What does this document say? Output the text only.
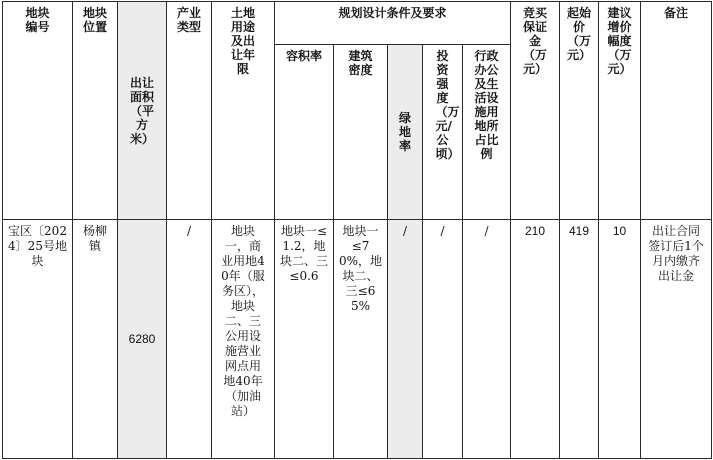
地块编号	地块位置	出让面积（平方米）	产业类型	土地用途及出让年限	规划设计条件及要求					竞买保证金（万元）	起始价（万元）	建议增价幅度（万元）	备注
					容积率	建筑密度	绿地率	投资强度（万元/公顷）	行政办公及生活设施用地所占比例				

宝区〔2024〕25号地块	杨柳镇	6280	/	地块一，商业用地40年（服务区），地块二、三公用设施营业网点用地40年（加油站）	地块一≤1.2，地块二、三≤0.6	地块一≤70%，地块二、三≤65%	/	/	/	210	419	10	出让合同签订后1个月内缴齐出让金
